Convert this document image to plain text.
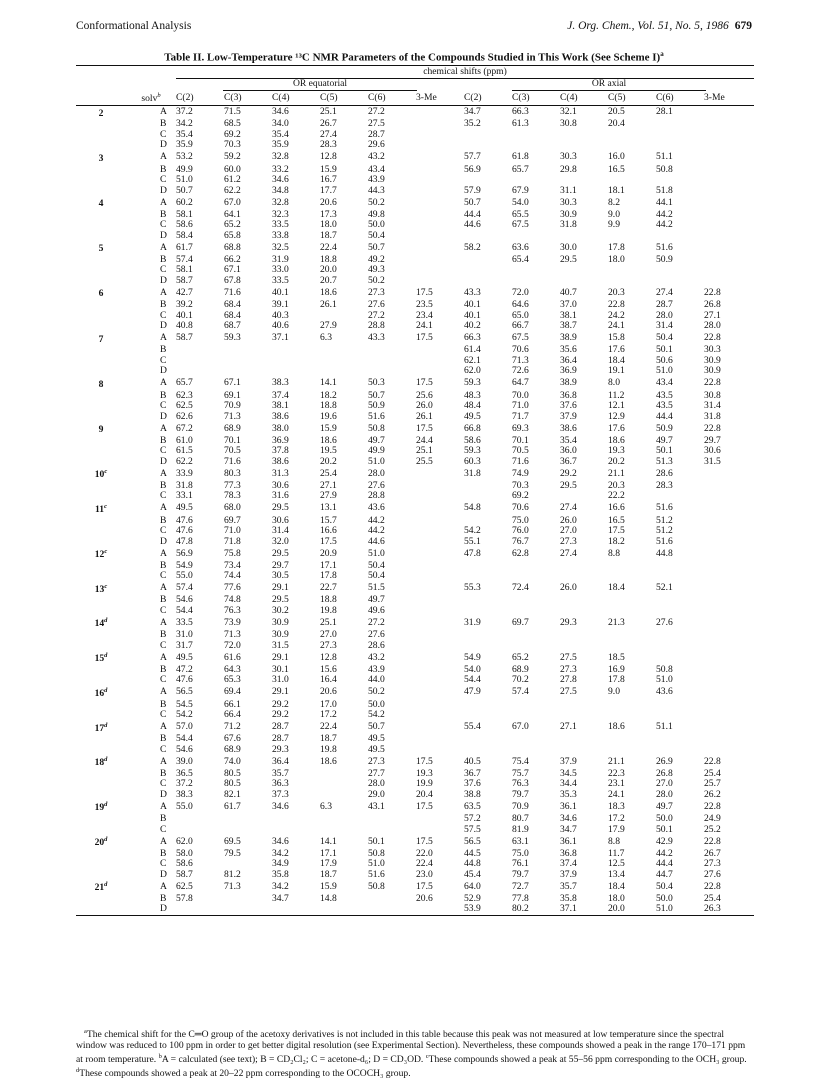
Conformational Analysis	J. Org. Chem., Vol. 51, No. 5, 1986 679
Table II. Low-Temperature ¹³C NMR Parameters of the Compounds Studied in This Work (See Scheme I)$^a$
		chemical shifts (ppm)											
		OR equatorial						OR axial					
	solv$^b$	C(2)	C(3)	C(4)	C(5)	C(6)	3-Me	C(2)	C(3)	C(4)	C(5)	C(6)	3-Me
2	A	37.2	71.5	34.6	25.1	27.2		34.7	66.3	32.1	20.5	28.1	
	B	34.2	68.5	34.0	26.7	27.5		35.2	61.3	30.8	20.4		
	C	35.4	69.2	35.4	27.4	28.7							
	D	35.9	70.3	35.9	28.3	29.6							
3	A	53.2	59.2	32.8	12.8	43.2		57.7	61.8	30.3	16.0	51.1	
	B	49.9	60.0	33.2	15.9	43.4		56.9	65.7	29.8	16.5	50.8	
	C	51.0	61.2	34.6	16.7	43.9							
	D	50.7	62.2	34.8	17.7	44.3		57.9	67.9	31.1	18.1	51.8	
4	A	60.2	67.0	32.8	20.6	50.2		50.7	54.0	30.3	8.2	44.1	
	B	58.1	64.1	32.3	17.3	49.8		44.4	65.5	30.9	9.0	44.2	
	C	58.6	65.2	33.5	18.0	50.0		44.6	67.5	31.8	9.9	44.2	
	D	58.4	65.8	33.8	18.7	50.4							
5	A	61.7	68.8	32.5	22.4	50.7		58.2	63.6	30.0	17.8	51.6	
	B	57.4	66.2	31.9	18.8	49.2			65.4	29.5	18.0	50.9	
	C	58.1	67.1	33.0	20.0	49.3							
	D	58.7	67.8	33.5	20.7	50.2							
6	A	42.7	71.6	40.1	18.6	27.3	17.5	43.3	72.0	40.7	20.3	27.4	22.8
	B	39.2	68.4	39.1	26.1	27.6	23.5	40.1	64.6	37.0	22.8	28.7	26.8
	C	40.1	68.4	40.3		27.2	23.4	40.1	65.0	38.1	24.2	28.0	27.1
	D	40.8	68.7	40.6	27.9	28.8	24.1	40.2	66.7	38.7	24.1	31.4	28.0
7	A	58.7	59.3	37.1	6.3	43.3	17.5	66.3	67.5	38.9	15.8	50.4	22.8
	B							61.4	70.6	35.6	17.6	50.1	30.3
	C							62.1	71.3	36.4	18.4	50.6	30.9
	D							62.0	72.6	36.9	19.1	51.0	30.9
8	A	65.7	67.1	38.3	14.1	50.3	17.5	59.3	64.7	38.9	8.0	43.4	22.8
	B	62.3	69.1	37.4	18.2	50.7	25.6	48.3	70.0	36.8	11.2	43.5	30.8
	C	62.5	70.9	38.1	18.8	50.9	26.0	48.4	71.0	37.6	12.1	43.5	31.4
	D	62.6	71.3	38.6	19.6	51.6	26.1	49.5	71.7	37.9	12.9	44.4	31.8
9	A	67.2	68.9	38.0	15.9	50.8	17.5	66.8	69.3	38.6	17.6	50.9	22.8
	B	61.0	70.1	36.9	18.6	49.7	24.4	58.6	70.1	35.4	18.6	49.7	29.7
	C	61.5	70.5	37.8	19.5	49.9	25.1	59.3	70.5	36.0	19.3	50.1	30.6
	D	62.2	71.6	38.6	20.2	51.0	25.5	60.3	71.6	36.7	20.2	51.3	31.5
10$^c$	A	33.9	80.3	31.3	25.4	28.0		31.8	74.9	29.2	21.1	28.6	
	B	31.8	77.3	30.6	27.1	27.6			70.3	29.5	20.3	28.3	
	C	33.1	78.3	31.6	27.9	28.8			69.2		22.2		
11$^c$	A	49.5	68.0	29.5	13.1	43.6		54.8	70.6	27.4	16.6	51.6	
	B	47.6	69.7	30.6	15.7	44.2			75.0	26.0	16.5	51.2	
	C	47.6	71.0	31.4	16.6	44.2		54.2	76.0	27.0	17.5	51.2	
	D	47.8	71.8	32.0	17.5	44.6		55.1	76.7	27.3	18.2	51.6	
12$^c$	A	56.9	75.8	29.5	20.9	51.0		47.8	62.8	27.4	8.8	44.8	
	B	54.9	73.4	29.7	17.1	50.4							
	C	55.0	74.4	30.5	17.8	50.4							
13$^c$	A	57.4	77.6	29.1	22.7	51.5		55.3	72.4	26.0	18.4	52.1	
	B	54.6	74.8	29.5	18.8	49.7							
	C	54.4	76.3	30.2	19.8	49.6							
14$^d$	A	33.5	73.9	30.9	25.1	27.2		31.9	69.7	29.3	21.3	27.6	
	B	31.0	71.3	30.9	27.0	27.6							
	C	31.7	72.0	31.5	27.3	28.6							
15$^d$	A	49.5	61.6	29.1	12.8	43.2		54.9	65.2	27.5	18.5		
	B	47.2	64.3	30.1	15.6	43.9		54.0	68.9	27.3	16.9	50.8	
	C	47.6	65.3	31.0	16.4	44.0		54.4	70.2	27.8	17.8	51.0	
16$^d$	A	56.5	69.4	29.1	20.6	50.2		47.9	57.4	27.5	9.0	43.6	
	B	54.5	66.1	29.2	17.0	50.0							
	C	54.2	66.4	29.2	17.2	54.2							
17$^d$	A	57.0	71.2	28.7	22.4	50.7		55.4	67.0	27.1	18.6	51.1	
	B	54.4	67.6	28.7	18.7	49.5							
	C	54.6	68.9	29.3	19.8	49.5							
18$^d$	A	39.0	74.0	36.4	18.6	27.3	17.5	40.5	75.4	37.9	21.1	26.9	22.8
	B	36.5	80.5	35.7		27.7	19.3	36.7	75.7	34.5	22.3	26.8	25.4
	C	37.2	80.5	36.3		28.0	19.9	37.6	76.3	34.4	23.1	27.0	25.7
	D	38.3	82.1	37.3		29.0	20.4	38.8	79.7	35.3	24.1	28.0	26.2
19$^d$	A	55.0	61.7	34.6	6.3	43.1	17.5	63.5	70.9	36.1	18.3	49.7	22.8
	B							57.2	80.7	34.6	17.2	50.0	24.9
	C							57.5	81.9	34.7	17.9	50.1	25.2
20$^d$	A	62.0	69.5	34.6	14.1	50.1	17.5	56.5	63.1	36.1	8.8	42.9	22.8
	B	58.0	79.5	34.2	17.1	50.8	22.0	44.5	75.0	36.8	11.7	44.2	26.7
	C	58.6		34.9	17.9	51.0	22.4	44.8	76.1	37.4	12.5	44.4	27.3
	D	58.7	81.2	35.8	18.7	51.6	23.0	45.4	79.7	37.9	13.4	44.7	27.6
21$^d$	A	62.5	71.3	34.2	15.9	50.8	17.5	64.0	72.7	35.7	18.4	50.4	22.8
	B	57.8		34.7	14.8		20.6	52.9	77.8	35.8	18.0	50.0	25.4
	D							53.9	80.2	37.1	20.0	51.0	26.3
$^a$The chemical shift for the C═O group of the acetoxy derivatives is not included in this table because this peak was not measured at low temperature since the spectral window was reduced to 100 ppm in order to get better digital resolution (see Experimental Section). Nevertheless, these compounds showed a peak in the range 170–171 ppm at room temperature. $^b$A = calculated (see text); B = CD₂Cl₂; C = acetone-d₆; D = CD₃OD. $^c$These compounds showed a peak at 55–56 ppm corresponding to the OCH₃ group. $^d$These compounds showed a peak at 20–22 ppm corresponding to the OCOCH₃ group.
